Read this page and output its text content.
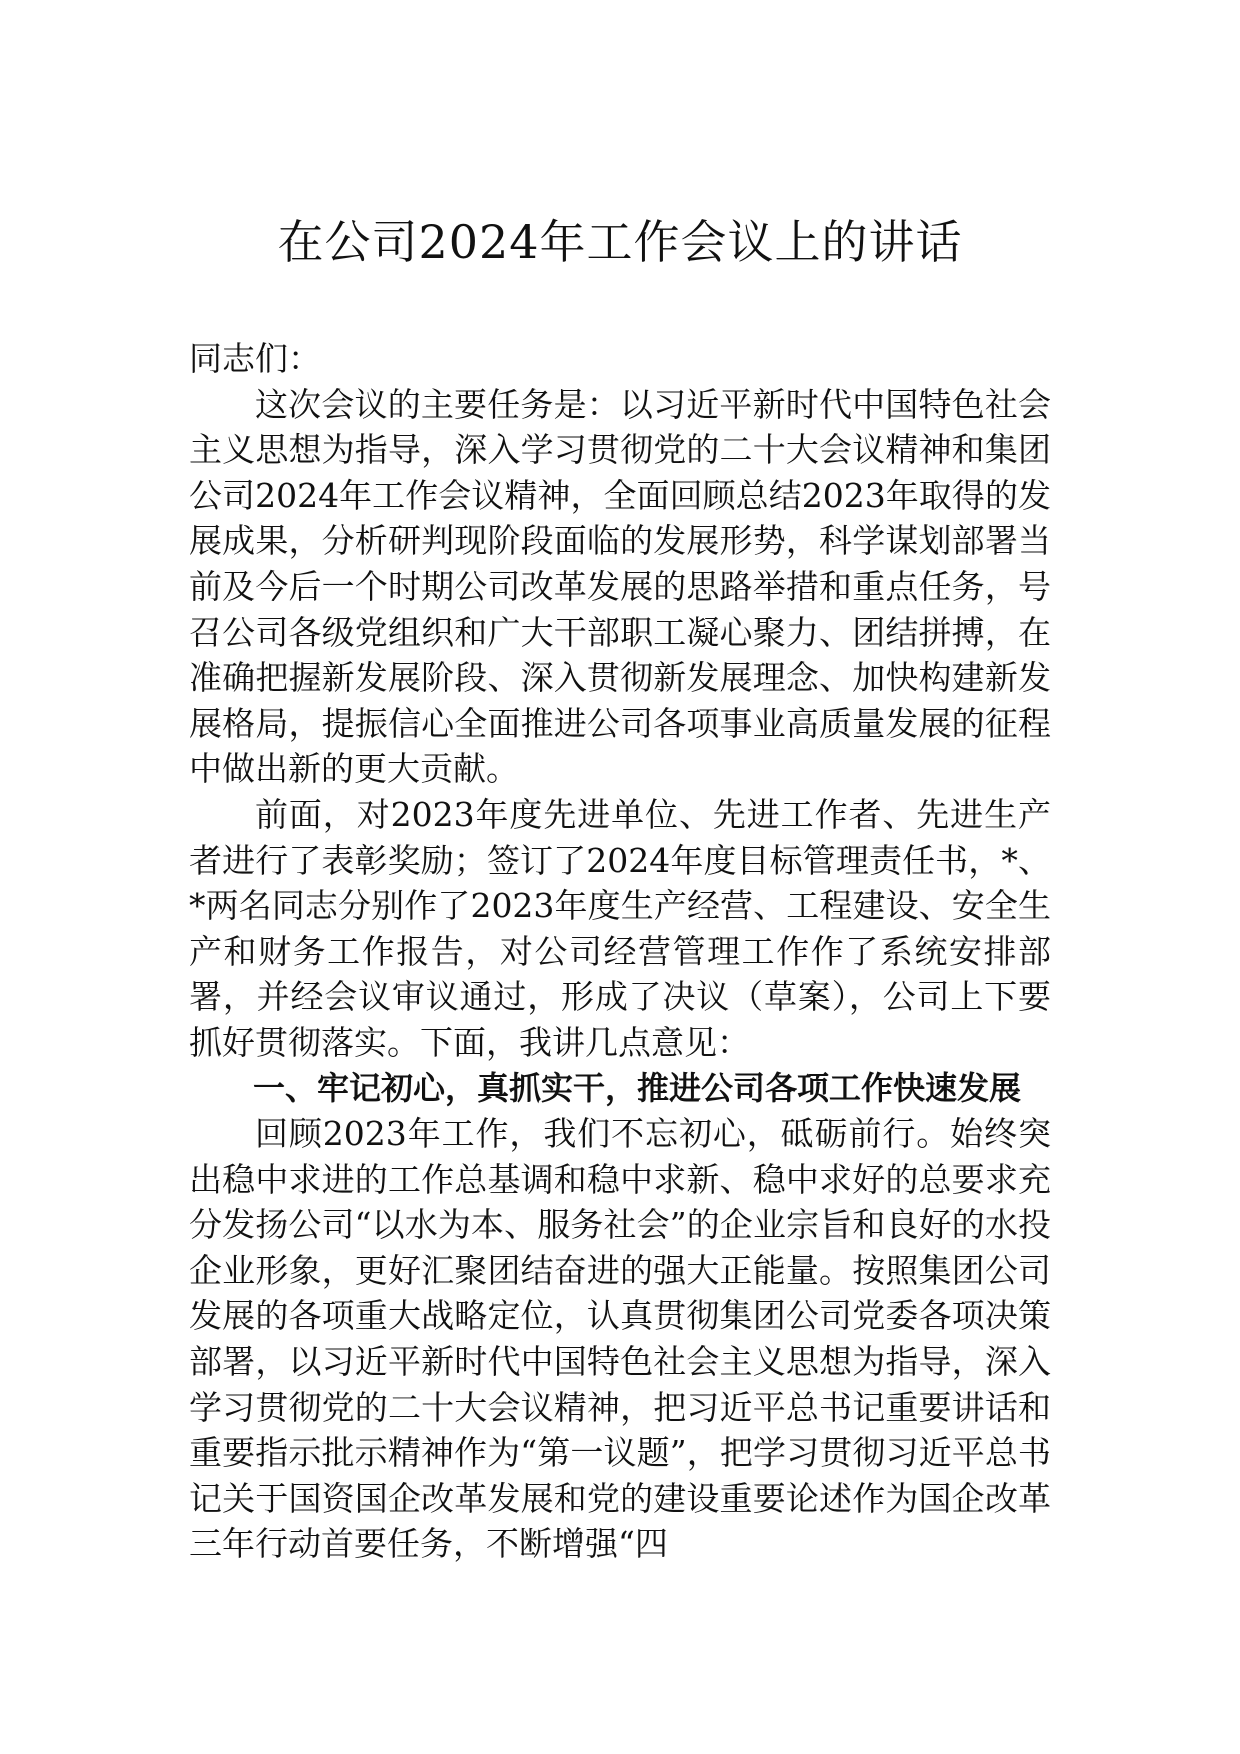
在公司2024年工作会议上的讲话

同志们：

这次会议的主要任务是：以习近平新时代中国特色社会主义思想为指导，深入学习贯彻党的二十大会议精神和集团公司2024年工作会议精神，全面回顾总结2023年取得的发展成果，分析研判现阶段面临的发展形势，科学谋划部署当前及今后一个时期公司改革发展的思路举措和重点任务，号召公司各级党组织和广大干部职工凝心聚力、团结拼搏，在准确把握新发展阶段、深入贯彻新发展理念、加快构建新发展格局，提振信心全面推进公司各项事业高质量发展的征程中做出新的更大贡献。

前面，对2023年度先进单位、先进工作者、先进生产者进行了表彰奖励；签订了2024年度目标管理责任书，*、*两名同志分别作了2023年度生产经营、工程建设、安全生产和财务工作报告，对公司经营管理工作作了系统安排部署，并经会议审议通过，形成了决议（草案），公司上下要抓好贯彻落实。下面，我讲几点意见：

一、牢记初心，真抓实干，推进公司各项工作快速发展

回顾2023年工作，我们不忘初心，砥砺前行。始终突出稳中求进的工作总基调和稳中求新、稳中求好的总要求充分发扬公司“以水为本、服务社会”的企业宗旨和良好的水投企业形象，更好汇聚团结奋进的强大正能量。按照集团公司发展的各项重大战略定位，认真贯彻集团公司党委各项决策部署，以习近平新时代中国特色社会主义思想为指导，深入学习贯彻党的二十大会议精神，把习近平总书记重要讲话和重要指示批示精神作为“第一议题”，把学习贯彻习近平总书记关于国资国企改革发展和党的建设重要论述作为国企改革三年行动首要任务，不断增强“四
